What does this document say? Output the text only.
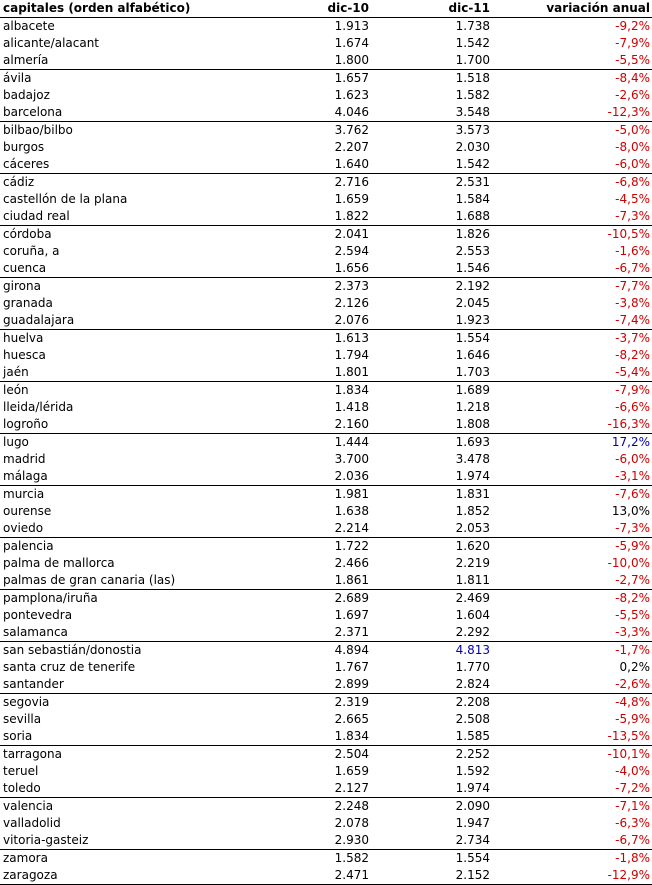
capitales (orden alfabético)	dic-10	dic-11	variación anual
albacete	1.913	1.738	-9,2%
alicante/alacant	1.674	1.542	-7,9%
almería	1.800	1.700	-5,5%
ávila	1.657	1.518	-8,4%
badajoz	1.623	1.582	-2,6%
barcelona	4.046	3.548	-12,3%
bilbao/bilbo	3.762	3.573	-5,0%
burgos	2.207	2.030	-8,0%
cáceres	1.640	1.542	-6,0%
cádiz	2.716	2.531	-6,8%
castellón de la plana	1.659	1.584	-4,5%
ciudad real	1.822	1.688	-7,3%
córdoba	2.041	1.826	-10,5%
coruña, a	2.594	2.553	-1,6%
cuenca	1.656	1.546	-6,7%
girona	2.373	2.192	-7,7%
granada	2.126	2.045	-3,8%
guadalajara	2.076	1.923	-7,4%
huelva	1.613	1.554	-3,7%
huesca	1.794	1.646	-8,2%
jaén	1.801	1.703	-5,4%
león	1.834	1.689	-7,9%
lleida/lérida	1.418	1.218	-6,6%
logroño	2.160	1.808	-16,3%
lugo	1.444	1.693	17,2%
madrid	3.700	3.478	-6,0%
málaga	2.036	1.974	-3,1%
murcia	1.981	1.831	-7,6%
ourense	1.638	1.852	13,0%
oviedo	2.214	2.053	-7,3%
palencia	1.722	1.620	-5,9%
palma de mallorca	2.466	2.219	-10,0%
palmas de gran canaria (las)	1.861	1.811	-2,7%
pamplona/iruña	2.689	2.469	-8,2%
pontevedra	1.697	1.604	-5,5%
salamanca	2.371	2.292	-3,3%
san sebastián/donostia	4.894	4.813	-1,7%
santa cruz de tenerife	1.767	1.770	0,2%
santander	2.899	2.824	-2,6%
segovia	2.319	2.208	-4,8%
sevilla	2.665	2.508	-5,9%
soria	1.834	1.585	-13,5%
tarragona	2.504	2.252	-10,1%
teruel	1.659	1.592	-4,0%
toledo	2.127	1.974	-7,2%
valencia	2.248	2.090	-7,1%
valladolid	2.078	1.947	-6,3%
vitoria-gasteiz	2.930	2.734	-6,7%
zamora	1.582	1.554	-1,8%
zaragoza	2.471	2.152	-12,9%
